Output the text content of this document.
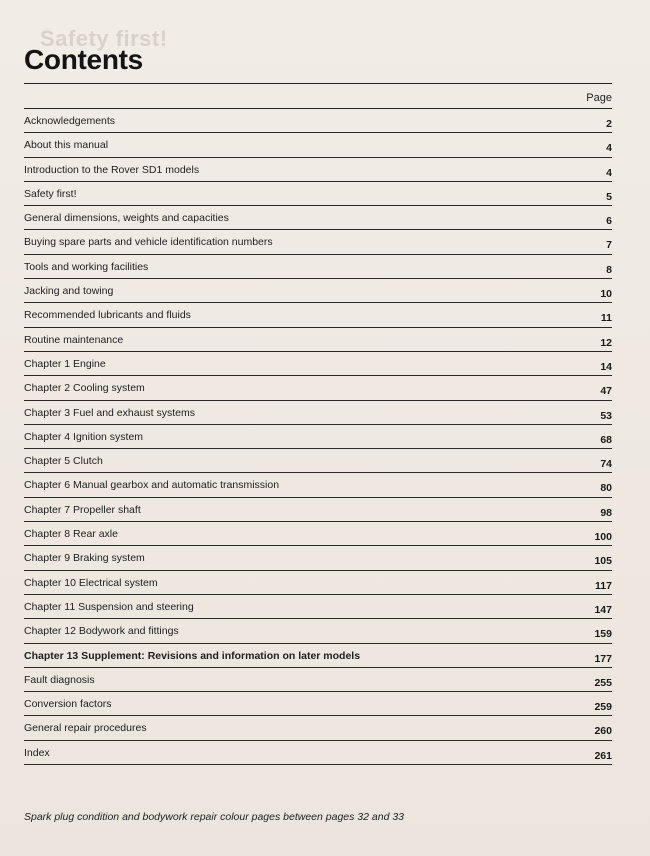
Safety first!
Contents
Page
Acknowledgements	2
About this manual	4
Introduction to the Rover SD1 models	4
Safety first!	5
General dimensions, weights and capacities	6
Buying spare parts and vehicle identification numbers	7
Tools and working facilities	8
Jacking and towing	10
Recommended lubricants and fluids	11
Routine maintenance	12
Chapter 1 Engine	14
Chapter 2 Cooling system	47
Chapter 3 Fuel and exhaust systems	53
Chapter 4 Ignition system	68
Chapter 5 Clutch	74
Chapter 6 Manual gearbox and automatic transmission	80
Chapter 7 Propeller shaft	98
Chapter 8 Rear axle	100
Chapter 9 Braking system	105
Chapter 10 Electrical system	117
Chapter 11 Suspension and steering	147
Chapter 12 Bodywork and fittings	159
Chapter 13 Supplement: Revisions and information on later models	177
Fault diagnosis	255
Conversion factors	259
General repair procedures	260
Index	261
Spark plug condition and bodywork repair colour pages between pages 32 and 33
